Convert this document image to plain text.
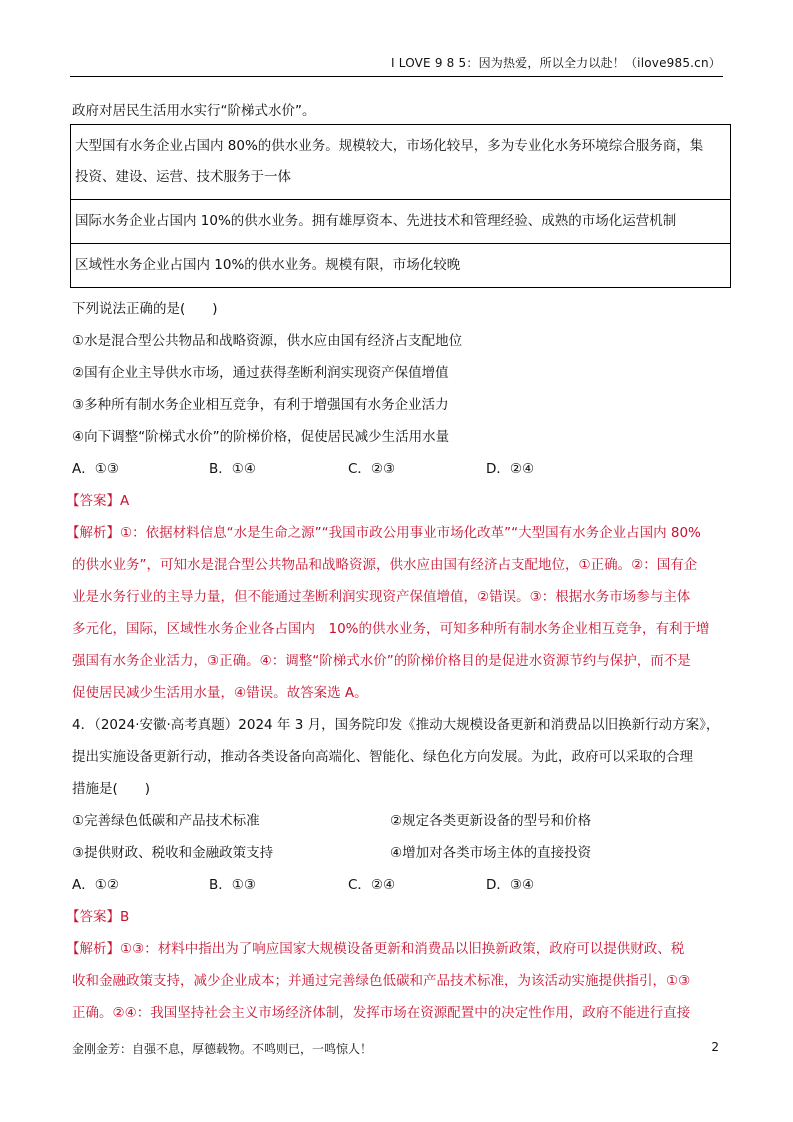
I LOVE 9 8 5：因为热爱，所以全力以赴！（ilove985.cn）
政府对居民生活用水实行“阶梯式水价”。
大型国有水务企业占国内 80%的供水业务。规模较大，市场化较早，多为专业化水务环境综合服务商，集
投资、建设、运营、技术服务于一体
国际水务企业占国内 10%的供水业务。拥有雄厚资本、先进技术和管理经验、成熟的市场化运营机制
区域性水务企业占国内 10%的供水业务。规模有限，市场化较晚
下列说法正确的是(　　)
①水是混合型公共物品和战略资源，供水应由国有经济占支配地位
②国有企业主导供水市场，通过获得垄断利润实现资产保值增值
③多种所有制水务企业相互竞争，有利于增强国有水务企业活力
④向下调整“阶梯式水价”的阶梯价格，促使居民减少生活用水量
A．①③	B．①④	C．②③	D．②④
【答案】A
【解析】①：依据材料信息“水是生命之源”“我国市政公用事业市场化改革”“大型国有水务企业占国内 80%
的供水业务”，可知水是混合型公共物品和战略资源，供水应由国有经济占支配地位，①正确。②：国有企
业是水务行业的主导力量，但不能通过垄断利润实现资产保值增值，②错误。③：根据水务市场参与主体
多元化，国际，区域性水务企业各占国内　10%的供水业务，可知多种所有制水务企业相互竞争，有利于增
强国有水务企业活力，③正确。④：调整“阶梯式水价”的阶梯价格目的是促进水资源节约与保护，而不是
促使居民减少生活用水量，④错误。故答案选 A。
4．（2024·安徽·高考真题）2024 年 3 月，国务院印发《推动大规模设备更新和消费品以旧换新行动方案》，
提出实施设备更新行动，推动各类设备向高端化、智能化、绿色化方向发展。为此，政府可以采取的合理
措施是(　　)
①完善绿色低碳和产品技术标准	②规定各类更新设备的型号和价格
③提供财政、税收和金融政策支持	④增加对各类市场主体的直接投资
A．①②	B．①③	C．②④	D．③④
【答案】B
【解析】①③：材料中指出为了响应国家大规模设备更新和消费品以旧换新政策，政府可以提供财政、税
收和金融政策支持，减少企业成本；并通过完善绿色低碳和产品技术标准，为该活动实施提供指引，①③
正确。②④：我国坚持社会主义市场经济体制，发挥市场在资源配置中的决定性作用，政府不能进行直接
金刚金芳：自强不息，厚德载物。不鸣则已，一鸣惊人！	2
